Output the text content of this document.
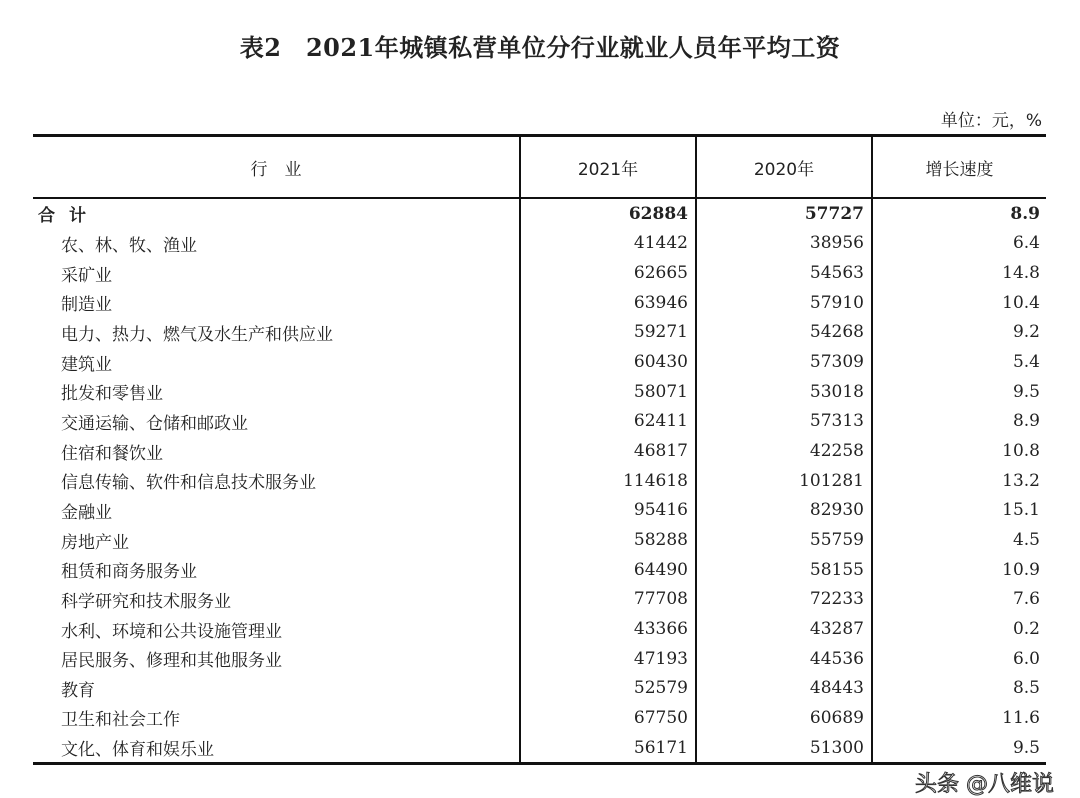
表2　2021年城镇私营单位分行业就业人员年平均工资
单位：元，%
行　业	2021年	2020年	增长速度
合计	62884	57727	8.9
农、林、牧、渔业	41442	38956	6.4
采矿业	62665	54563	14.8
制造业	63946	57910	10.4
电力、热力、燃气及水生产和供应业	59271	54268	9.2
建筑业	60430	57309	5.4
批发和零售业	58071	53018	9.5
交通运输、仓储和邮政业	62411	57313	8.9
住宿和餐饮业	46817	42258	10.8
信息传输、软件和信息技术服务业	114618	101281	13.2
金融业	95416	82930	15.1
房地产业	58288	55759	4.5
租赁和商务服务业	64490	58155	10.9
科学研究和技术服务业	77708	72233	7.6
水利、环境和公共设施管理业	43366	43287	0.2
居民服务、修理和其他服务业	47193	44536	6.0
教育	52579	48443	8.5
卫生和社会工作	67750	60689	11.6
文化、体育和娱乐业	56171	51300	9.5
头条 @八维说
